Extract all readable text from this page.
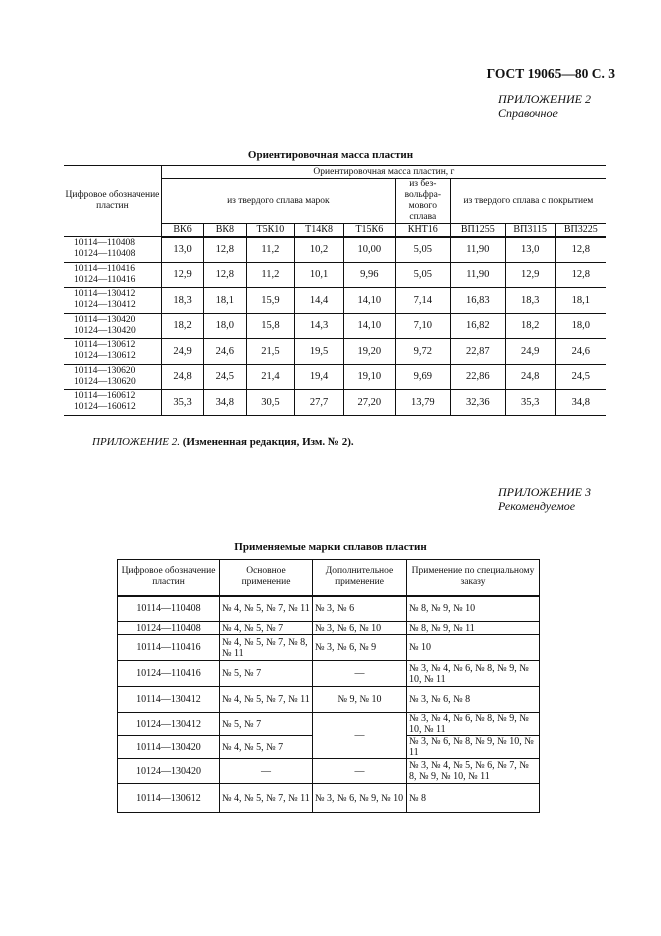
ГОСТ 19065—80 С. 3
ПРИЛОЖЕНИЕ 2
Справочное
Ориентировочная масса пластин
Цифровое обозначение пластин	Ориентировочная масса пластин, г								
	из твердого сплава марок					из без-вольфра-мового сплава	из твердого сплава с покрытием		
	ВК6	ВК8	Т5К10	Т14К8	Т15К6	КНТ16	ВП1255	ВП3115	ВП3225

10114—110408
10124—110408	13,0	12,8	11,2	10,2	10,00	5,05	11,90	13,0	12,8

10114—110416
10124—110416	12,9	12,8	11,2	10,1	9,96	5,05	11,90	12,9	12,8

10114—130412
10124—130412	18,3	18,1	15,9	14,4	14,10	7,14	16,83	18,3	18,1

10114—130420
10124—130420	18,2	18,0	15,8	14,3	14,10	7,10	16,82	18,2	18,0

10114—130612
10124—130612	24,9	24,6	21,5	19,5	19,20	9,72	22,87	24,9	24,6

10114—130620
10124—130620	24,8	24,5	21,4	19,4	19,10	9,69	22,86	24,8	24,5

10114—160612
10124—160612	35,3	34,8	30,5	27,7	27,20	13,79	32,36	35,3	34,8
ПРИЛОЖЕНИЕ 2. (Измененная редакция, Изм. № 2).
ПРИЛОЖЕНИЕ 3
Рекомендуемое
Применяемые марки сплавов пластин
Цифровое обозначение пластин	Основное применение	Дополнительное применение	Применение по специальному заказу
10114—110408	№ 4, № 5, № 7, № 11	№ 3, № 6	№ 8, № 9, № 10
10124—110408	№ 4, № 5, № 7	№ 3, № 6, № 10	№ 8, № 9, № 11
10114—110416	№ 4, № 5, № 7, № 8, № 11	№ 3, № 6, № 9	№ 10
10124—110416	№ 5, № 7	—	№ 3, № 4, № 6, № 8, № 9, № 10, № 11
10114—130412	№ 4, № 5, № 7, № 11	№ 9, № 10	№ 3, № 6, № 8
10124—130412	№ 5, № 7	—	№ 3, № 4, № 6, № 8, № 9, № 10, № 11
10114—130420	№ 4, № 5, № 7		№ 3, № 6, № 8, № 9, № 10, № 11
10124—130420	—	—	№ 3, № 4, № 5, № 6, № 7, № 8, № 9, № 10, № 11
10114—130612	№ 4, № 5, № 7, № 11	№ 3, № 6, № 9, № 10	№ 8
